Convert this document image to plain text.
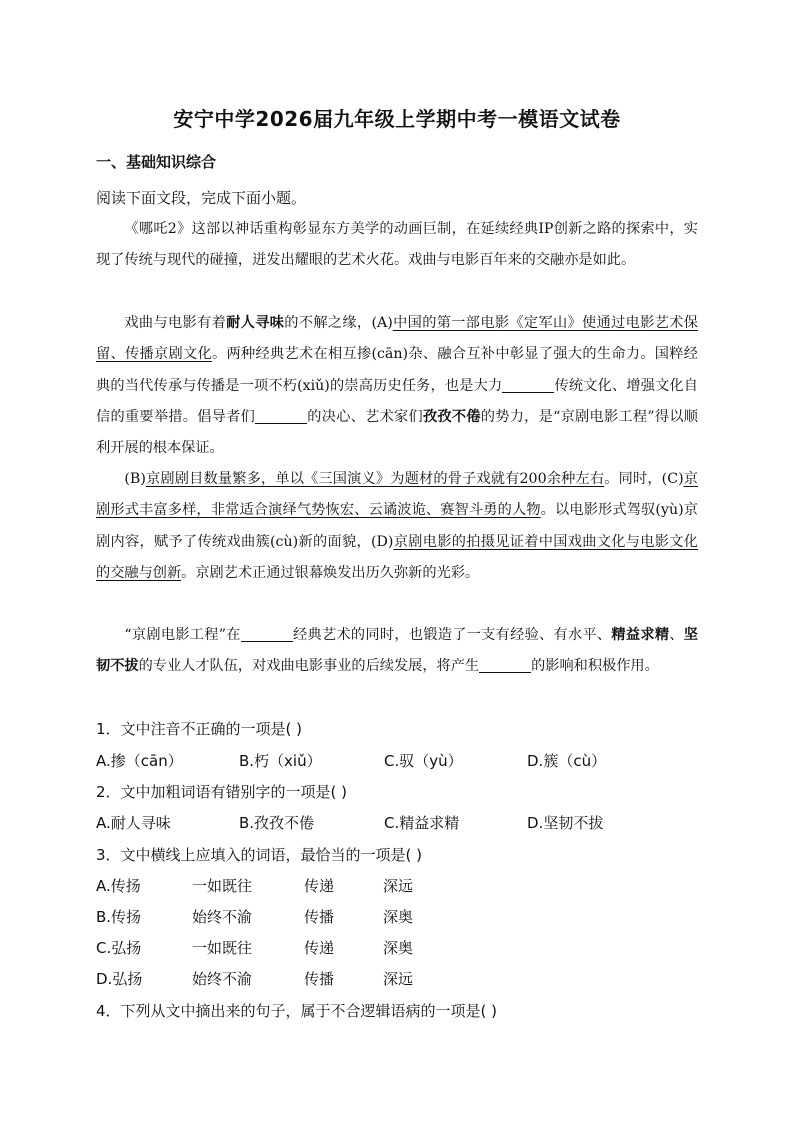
安宁中学2026届九年级上学期中考一模语文试卷
一、基础知识综合
阅读下面文段，完成下面小题。
《哪吒2》这部以神话重构彰显东方美学的动画巨制，在延续经典IP创新之路的探索中，实现了传统与现代的碰撞，迸发出耀眼的艺术火花。戏曲与电影百年来的交融亦是如此。
戏曲与电影有着耐人寻味的不解之缘，(A)中国的第一部电影《定军山》使通过电影艺术保留、传播京剧文化。两种经典艺术在相互掺(cān)杂、融合互补中彰显了强大的生命力。国粹经典的当代传承与传播是一项不朽(xiǔ)的崇高历史任务，也是大力	传统文化、增强文化自信的重要举措。倡导者们	的决心、艺术家们孜孜不倦的势力，是“京剧电影工程”得以顺利开展的根本保证。
(B)京剧剧目数量繁多，单以《三国演义》为题材的骨子戏就有200余种左右。同时，(C)京剧形式丰富多样，非常适合演绎气势恢宏、云谲波诡、赛智斗勇的人物。以电影形式驾驭(yù)京剧内容，赋予了传统戏曲簇(cù)新的面貌，(D)京剧电影的拍摄见证着中国戏曲文化与电影文化的交融与创新。京剧艺术正通过银幕焕发出历久弥新的光彩。
“京剧电影工程”在	经典艺术的同时，也锻造了一支有经验、有水平、精益求精、坚韧不拔的专业人才队伍，对戏曲电影事业的后续发展，将产生	的影响和积极作用。
1．文中注音不正确的一项是( )
A.掺（cān）	B.朽（xiǔ）	C.驭（yù）	D.簇（cù）
2．文中加粗词语有错别字的一项是( )
A.耐人寻味	B.孜孜不倦	C.精益求精	D.坚韧不拔
3．文中横线上应填入的词语，最恰当的一项是( )
A.传扬	一如既往	传递	深远
B.传扬	始终不渝	传播	深奥
C.弘扬	一如既往	传递	深奥
D.弘扬	始终不渝	传播	深远
4．下列从文中摘出来的句子，属于不合逻辑语病的一项是( )
